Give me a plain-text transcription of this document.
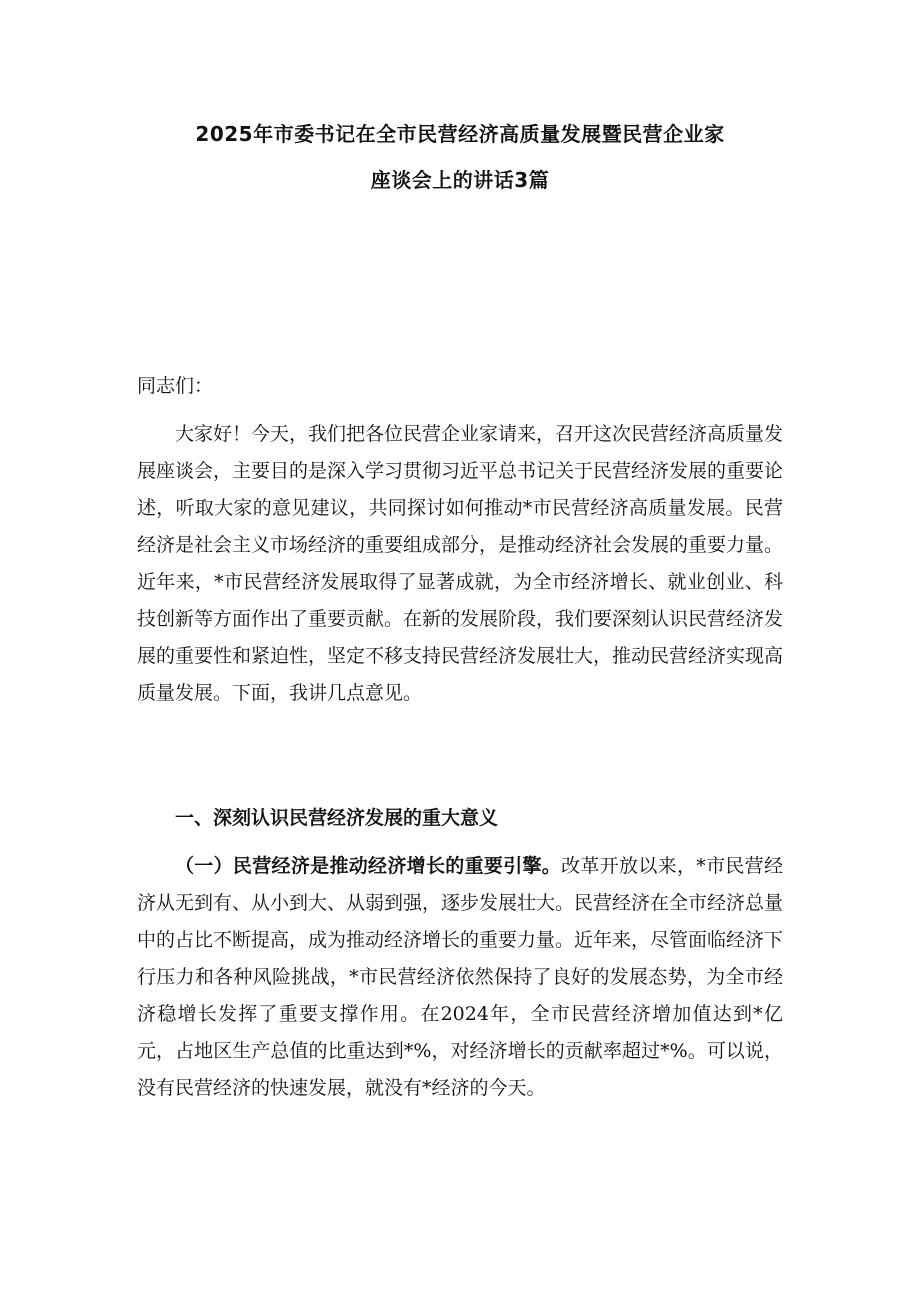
2025年市委书记在全市民营经济高质量发展暨民营企业家
座谈会上的讲话3篇
同志们：
大家好！今天，我们把各位民营企业家请来，召开这次民营经济高质量发展座谈会，主要目的是深入学习贯彻习近平总书记关于民营经济发展的重要论述，听取大家的意见建议，共同探讨如何推动*市民营经济高质量发展。民营经济是社会主义市场经济的重要组成部分，是推动经济社会发展的重要力量。近年来，*市民营经济发展取得了显著成就，为全市经济增长、就业创业、科技创新等方面作出了重要贡献。在新的发展阶段，我们要深刻认识民营经济发展的重要性和紧迫性，坚定不移支持民营经济发展壮大，推动民营经济实现高质量发展。下面，我讲几点意见。
一、深刻认识民营经济发展的重大意义
（一）民营经济是推动经济增长的重要引擎。改革开放以来，*市民营经济从无到有、从小到大、从弱到强，逐步发展壮大。民营经济在全市经济总量中的占比不断提高，成为推动经济增长的重要力量。近年来，尽管面临经济下行压力和各种风险挑战，*市民营经济依然保持了良好的发展态势，为全市经济稳增长发挥了重要支撑作用。在2024年，全市民营经济增加值达到*亿元，占地区生产总值的比重达到*%，对经济增长的贡献率超过*%。可以说，没有民营经济的快速发展，就没有*经济的今天。
